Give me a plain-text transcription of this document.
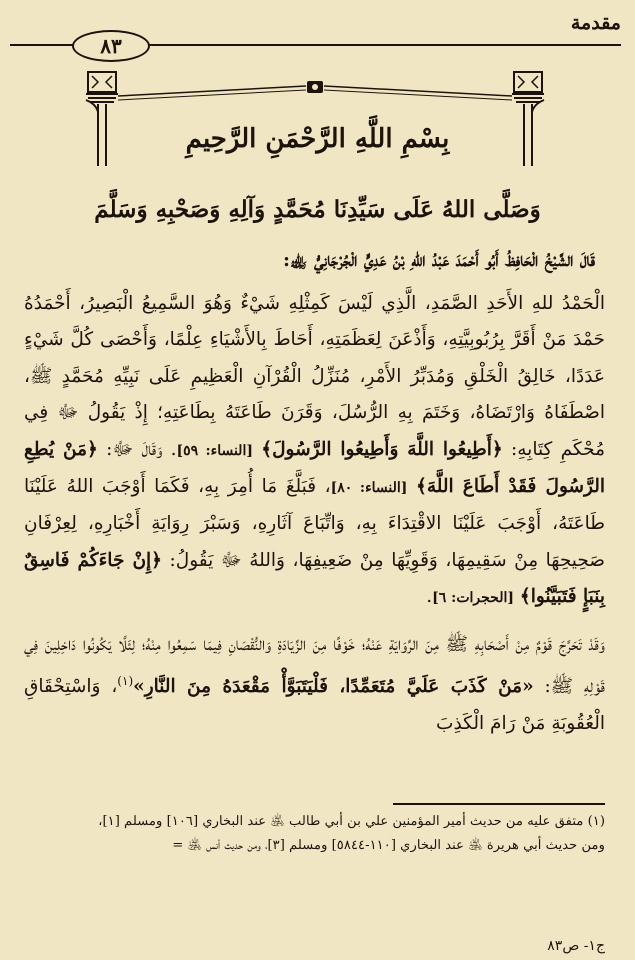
مقدمة
٨٣
بِسْمِ اللَّهِ الرَّحْمَنِ الرَّحِيمِ
وَصَلَّى اللهُ عَلَى سَيِّدِنَا مُحَمَّدٍ وَآلِهِ وَصَحْبِهِ وَسَلَّمَ
قَالَ الشَّيْخُ الْحَافِظُ أَبُو أَحْمَدَ عَبْدُ اللهِ بْنُ عَدِيٍّ الْجُرْجَانِيُّ ﵀:

الْحَمْدُ للهِ الأَحَدِ الصَّمَدِ، الَّذِي لَيْسَ كَمِثْلِهِ شَيْءٌ وَهُوَ السَّمِيعُ الْبَصِيرُ، أَحْمَدُهُ حَمْدَ مَنْ أَقَرَّ بِرُبُوبِيَّتِهِ، وَأَذْعَنَ لِعَظَمَتِهِ، أَحَاطَ بِالأَشْيَاءِ عِلْمًا، وَأَحْصَى كُلَّ شَيْءٍ عَدَدًا، خَالِقُ الْخَلْقِ وَمُدَبِّرُ الأَمْرِ، مُنَزِّلُ الْقُرْآنِ الْعَظِيمِ عَلَى نَبِيِّهِ مُحَمَّدٍ ﷺ، اصْطَفَاهُ وَارْتَضَاهُ، وَخَتَمَ بِهِ الرُّسُلَ، وَقَرَنَ طَاعَتَهُ بِطَاعَتِهِ؛ إِذْ يَقُولُ ﷻ فِي مُحْكَمِ كِتَابِهِ: ﴿أَطِيعُوا اللَّهَ وَأَطِيعُوا الرَّسُولَ﴾ [النساء: ٥٩]. وَقَالَ ﷻ: ﴿مَنْ يُطِعِ الرَّسُولَ فَقَدْ أَطَاعَ اللَّهَ﴾ [النساء: ٨٠]، فَبَلَّغَ مَا أُمِرَ بِهِ، فَكَمَا أَوْجَبَ اللهُ عَلَيْنَا طَاعَتَهُ، أَوْجَبَ عَلَيْنَا الاقْتِدَاءَ بِهِ، وَاتِّبَاعَ آثَارِهِ، وَسَبْرَ رِوَايَةِ أَخْبَارِهِ، لِعِرْفَانِ صَحِيحِهَا مِنْ سَقِيمِهَا، وَقَوِيِّهَا مِنْ ضَعِيفِهَا، وَاللهُ ﷻ يَقُولُ: ﴿إِنْ جَاءَكُمْ فَاسِقٌ بِنَبَإٍ فَتَبَيَّنُوا﴾ [الحجرات: ٦].

وَقَدْ تَحَرَّجَ قَوْمٌ مِنْ أَصْحَابِهِ ﷺ مِنَ الرِّوَايَةِ عَنْهُ؛ خَوْفًا مِنَ الزِّيَادَةِ وَالنُّقْصَانِ فِيمَا سَمِعُوا مِنْهُ؛ لِئَلَّا يَكُونُوا دَاخِلِينَ فِي قَوْلِهِ ﷺ: «مَنْ كَذَبَ عَلَيَّ مُتَعَمِّدًا، فَلْيَتَبَوَّأْ مَقْعَدَهُ مِنَ النَّارِ»$^{(١)}$، وَاسْتِحْقَاقِ الْعُقُوبَةِ مَنْ رَامَ الْكَذِبَ

(١) متفق عليه من حديث أمير المؤمنين علي بن أبي طالب ﵁ عند البخاري [١٠٦] ومسلم [١]،

ومن حديث أبي هريرة ﵁ عند البخاري [١١٠-٥٨٤٤] ومسلم [٣]، ومن حديث أنس ﵁ =

ج١- ص٨٣
